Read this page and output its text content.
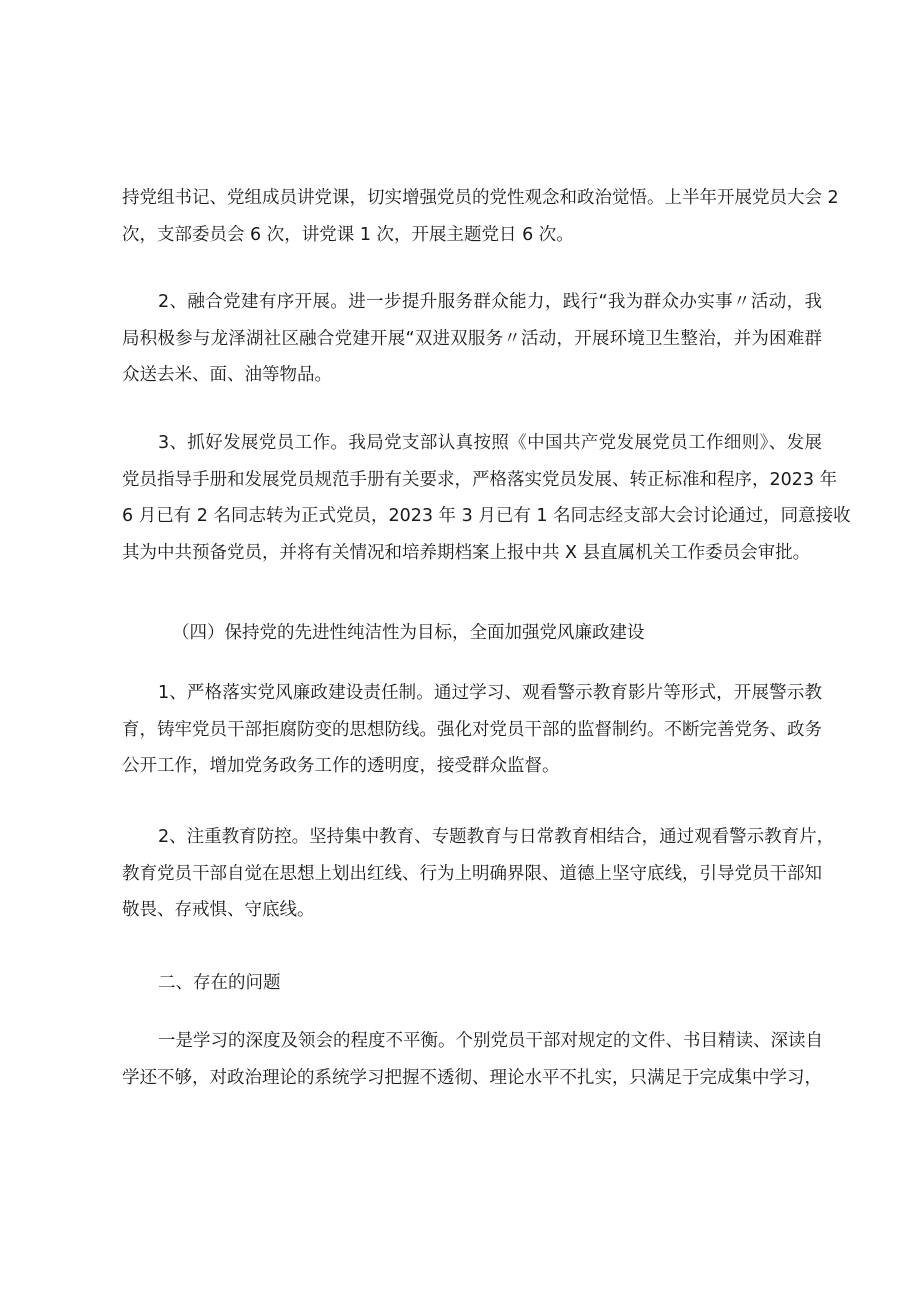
持党组书记、党组成员讲党课，切实增强党员的党性观念和政治觉悟。上半年开展党员大会 2
次，支部委员会 6 次，讲党课 1 次，开展主题党日 6 次。
2、融合党建有序开展。进一步提升服务群众能力，践行“我为群众办实事〃活动，我
局积极参与龙泽湖社区融合党建开展“双进双服务〃活动，开展环境卫生整治，并为困难群
众送去米、面、油等物品。
3、抓好发展党员工作。我局党支部认真按照《中国共产党发展党员工作细则》、发展
党员指导手册和发展党员规范手册有关要求，严格落实党员发展、转正标准和程序，2023 年
6 月已有 2 名同志转为正式党员，2023 年 3 月已有 1 名同志经支部大会讨论通过，同意接收
其为中共预备党员，并将有关情况和培养期档案上报中共 X 县直属机关工作委员会审批。
（四）保持党的先进性纯洁性为目标，全面加强党风廉政建设
1、严格落实党风廉政建设责任制。通过学习、观看警示教育影片等形式，开展警示教
育，铸牢党员干部拒腐防变的思想防线。强化对党员干部的监督制约。不断完善党务、政务
公开工作，增加党务政务工作的透明度，接受群众监督。
2、注重教育防控。坚持集中教育、专题教育与日常教育相结合，通过观看警示教育片，
教育党员干部自觉在思想上划出红线、行为上明确界限、道德上坚守底线，引导党员干部知
敬畏、存戒惧、守底线。
二、存在的问题
一是学习的深度及领会的程度不平衡。个别党员干部对规定的文件、书目精读、深读自
学还不够，对政治理论的系统学习把握不透彻、理论水平不扎实，只满足于完成集中学习，
